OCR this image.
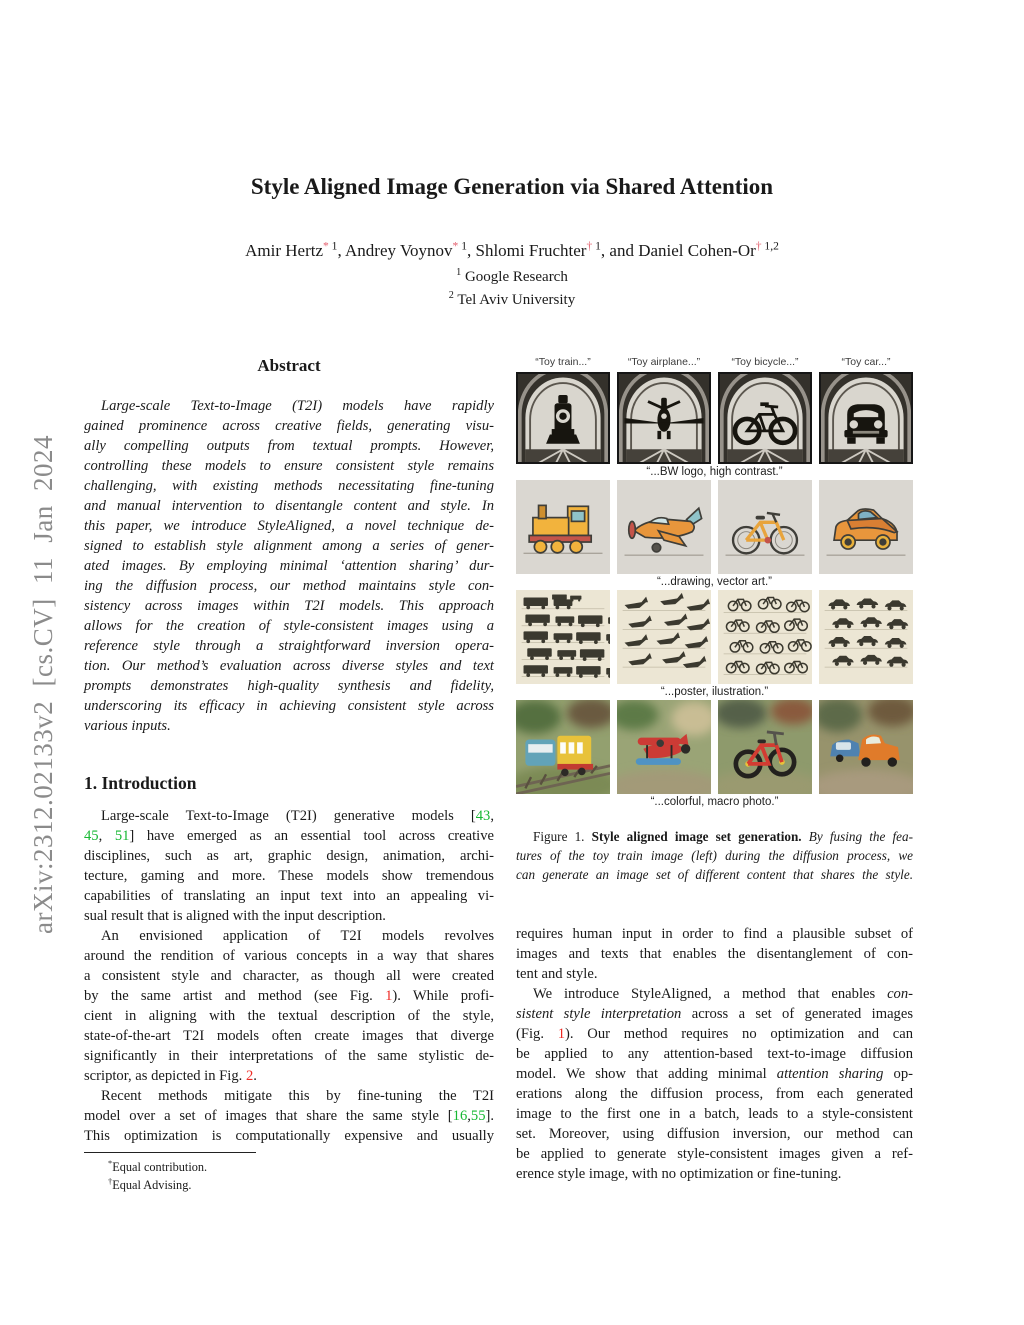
arXiv:2312.02133v2 [cs.CV] 11 Jan 2024
Style Aligned Image Generation via Shared Attention
Amir Hertz* $^1$, Andrey Voynov* $^1$, Shlomi Fruchter† $^1$, and Daniel Cohen-Or† $^{1,2}$
$^1$ Google Research
$^2$ Tel Aviv University
Abstract
Large-scale Text-to-Image (T2I) models have rapidly
gained prominence across creative fields, generating visu-
ally compelling outputs from textual prompts. However,
controlling these models to ensure consistent style remains
challenging, with existing methods necessitating fine-tuning
and manual intervention to disentangle content and style. In
this paper, we introduce StyleAligned, a novel technique de-
signed to establish style alignment among a series of gener-
ated images. By employing minimal ‘attention sharing’ dur-
ing the diffusion process, our method maintains style con-
sistency across images within T2I models. This approach
allows for the creation of style-consistent images using a
reference style through a straightforward inversion opera-
tion. Our method’s evaluation across diverse styles and text
prompts demonstrates high-quality synthesis and fidelity,
underscoring its efficacy in achieving consistent style across
various inputs.
1. Introduction
Large-scale Text-to-Image (T2I) generative models [43,
45, 51] have emerged as an essential tool across creative
disciplines, such as art, graphic design, animation, archi-
tecture, gaming and more. These models show tremendous
capabilities of translating an input text into an appealing vi-
sual result that is aligned with the input description.
An envisioned application of T2I models revolves
around the rendition of various concepts in a way that shares
a consistent style and character, as though all were created
by the same artist and method (see Fig. 1). While profi-
cient in aligning with the textual description of the style,
state-of-the-art T2I models often create images that diverge
significantly in their interpretations of the same stylistic de-
scriptor, as depicted in Fig. 2.
Recent methods mitigate this by fine-tuning the T2I
model over a set of images that share the same style [16,55].
This optimization is computationally expensive and usually
*Equal contribution.
†Equal Advising.
“Toy train...”	“Toy airplane...”	“Toy bicycle...”	“Toy car...”
“...BW logo, high contrast.”
“...drawing, vector art.”
“...poster, ilustration.”
“...colorful, macro photo.”
Figure 1. Style aligned image set generation. By fusing the fea-
tures of the toy train image (left) during the diffusion process, we
can generate an image set of different content that shares the style.
requires human input in order to find a plausible subset of
images and texts that enables the disentanglement of con-
tent and style.
We introduce StyleAligned, a method that enables con-
sistent style interpretation across a set of generated images
(Fig. 1). Our method requires no optimization and can
be applied to any attention-based text-to-image diffusion
model. We show that adding minimal attention sharing op-
erations along the diffusion process, from each generated
image to the first one in a batch, leads to a style-consistent
set. Moreover, using diffusion inversion, our method can
be applied to generate style-consistent images given a ref-
erence style image, with no optimization or fine-tuning.
